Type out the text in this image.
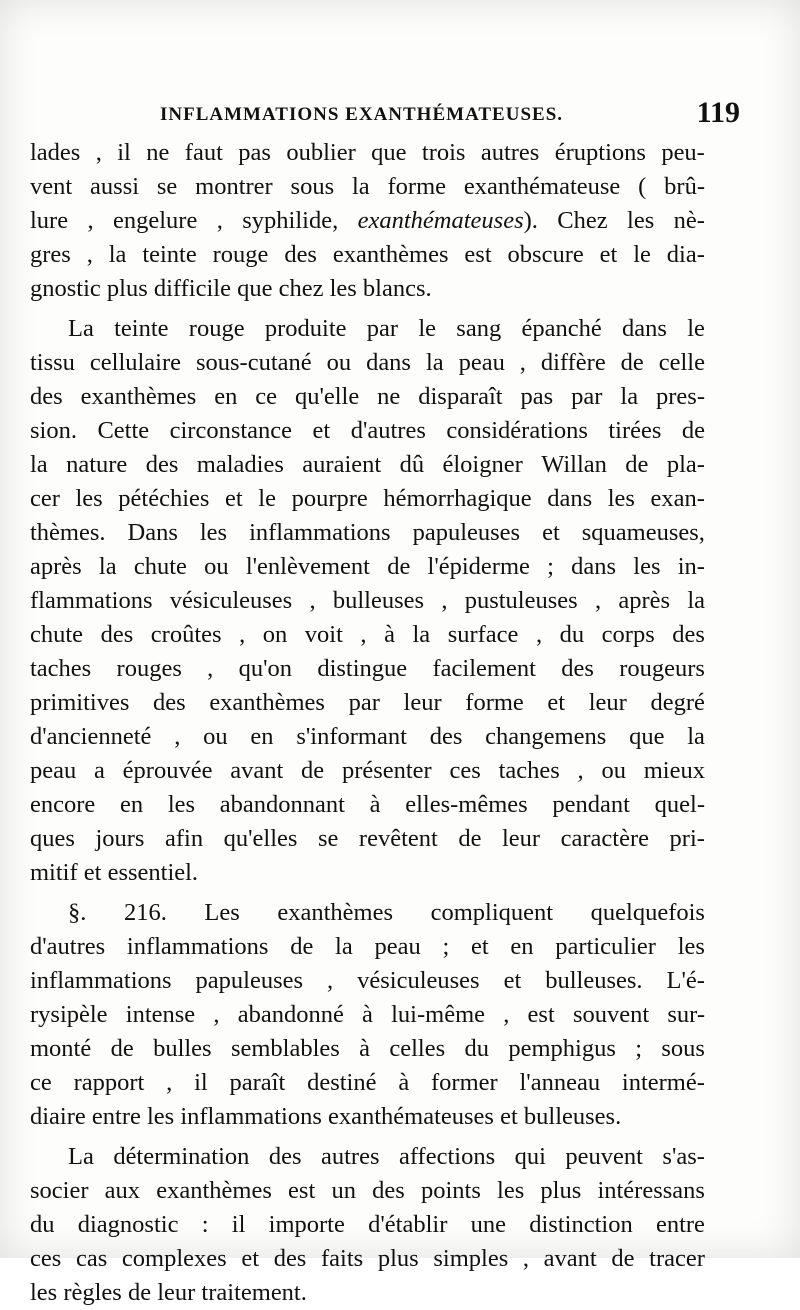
INFLAMMATIONS EXANTHÉMATEUSES.	119
lades , il ne faut pas oublier que trois autres éruptions peu-
vent aussi se montrer sous la forme exanthémateuse ( brû-
lure , engelure , syphilide, exanthémateuses). Chez les nè-
gres , la teinte rouge des exanthèmes est obscure et le dia-
gnostic plus difficile que chez les blancs.
La teinte rouge produite par le sang épanché dans le
tissu cellulaire sous-cutané ou dans la peau , diffère de celle
des exanthèmes en ce qu'elle ne disparaît pas par la pres-
sion. Cette circonstance et d'autres considérations tirées de
la nature des maladies auraient dû éloigner Willan de pla-
cer les pétéchies et le pourpre hémorrhagique dans les exan-
thèmes. Dans les inflammations papuleuses et squameuses,
après la chute ou l'enlèvement de l'épiderme ; dans les in-
flammations vésiculeuses , bulleuses , pustuleuses , après la
chute des croûtes , on voit , à la surface , du corps des
taches rouges , qu'on distingue facilement des rougeurs
primitives des exanthèmes par leur forme et leur degré
d'ancienneté , ou en s'informant des changemens que la
peau a éprouvée avant de présenter ces taches , ou mieux
encore en les abandonnant à elles-mêmes pendant quel-
ques jours afin qu'elles se revêtent de leur caractère pri-
mitif et essentiel.
§. 216. Les exanthèmes compliquent quelquefois
d'autres inflammations de la peau ; et en particulier les
inflammations papuleuses , vésiculeuses et bulleuses. L'é-
rysipèle intense , abandonné à lui-même , est souvent sur-
monté de bulles semblables à celles du pemphigus ; sous
ce rapport , il paraît destiné à former l'anneau intermé-
diaire entre les inflammations exanthémateuses et bulleuses.
La détermination des autres affections qui peuvent s'as-
socier aux exanthèmes est un des points les plus intéressans
du diagnostic : il importe d'établir une distinction entre
ces cas complexes et des faits plus simples , avant de tracer
les règles de leur traitement.
